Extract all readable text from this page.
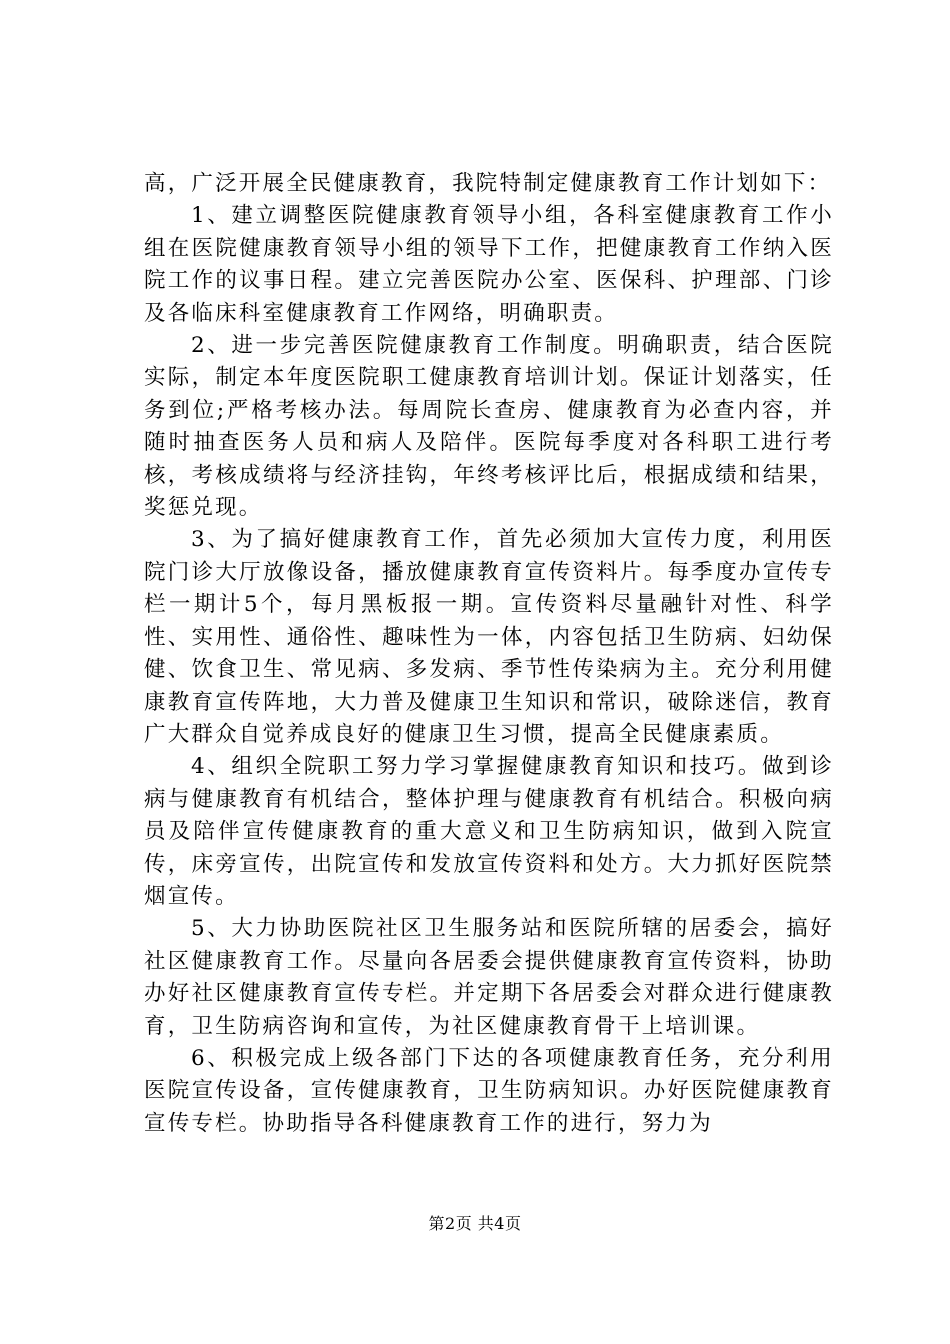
高，广泛开展全民健康教育，我院特制定健康教育工作计划如下：

1、建立调整医院健康教育领导小组，各科室健康教育工作小组在医院健康教育领导小组的领导下工作，把健康教育工作纳入医院工作的议事日程。建立完善医院办公室、医保科、护理部、门诊及各临床科室健康教育工作网络，明确职责。

2、进一步完善医院健康教育工作制度。明确职责，结合医院实际，制定本年度医院职工健康教育培训计划。保证计划落实，任务到位;严格考核办法。每周院长查房、健康教育为必查内容，并随时抽查医务人员和病人及陪伴。医院每季度对各科职工进行考核，考核成绩将与经济挂钩，年终考核评比后，根据成绩和结果，奖惩兑现。

3、为了搞好健康教育工作，首先必须加大宣传力度，利用医院门诊大厅放像设备，播放健康教育宣传资料片。每季度办宣传专栏一期计5个，每月黑板报一期。宣传资料尽量融针对性、科学性、实用性、通俗性、趣味性为一体，内容包括卫生防病、妇幼保健、饮食卫生、常见病、多发病、季节性传染病为主。充分利用健康教育宣传阵地，大力普及健康卫生知识和常识，破除迷信，教育广大群众自觉养成良好的健康卫生习惯，提高全民健康素质。

4、组织全院职工努力学习掌握健康教育知识和技巧。做到诊病与健康教育有机结合，整体护理与健康教育有机结合。积极向病员及陪伴宣传健康教育的重大意义和卫生防病知识，做到入院宣传，床旁宣传，出院宣传和发放宣传资料和处方。大力抓好医院禁烟宣传。

5、大力协助医院社区卫生服务站和医院所辖的居委会，搞好社区健康教育工作。尽量向各居委会提供健康教育宣传资料，协助办好社区健康教育宣传专栏。并定期下各居委会对群众进行健康教育，卫生防病咨询和宣传，为社区健康教育骨干上培训课。

6、积极完成上级各部门下达的各项健康教育任务，充分利用医院宣传设备，宣传健康教育，卫生防病知识。办好医院健康教育宣传专栏。协助指导各科健康教育工作的进行，努力为

第2页 共4页
